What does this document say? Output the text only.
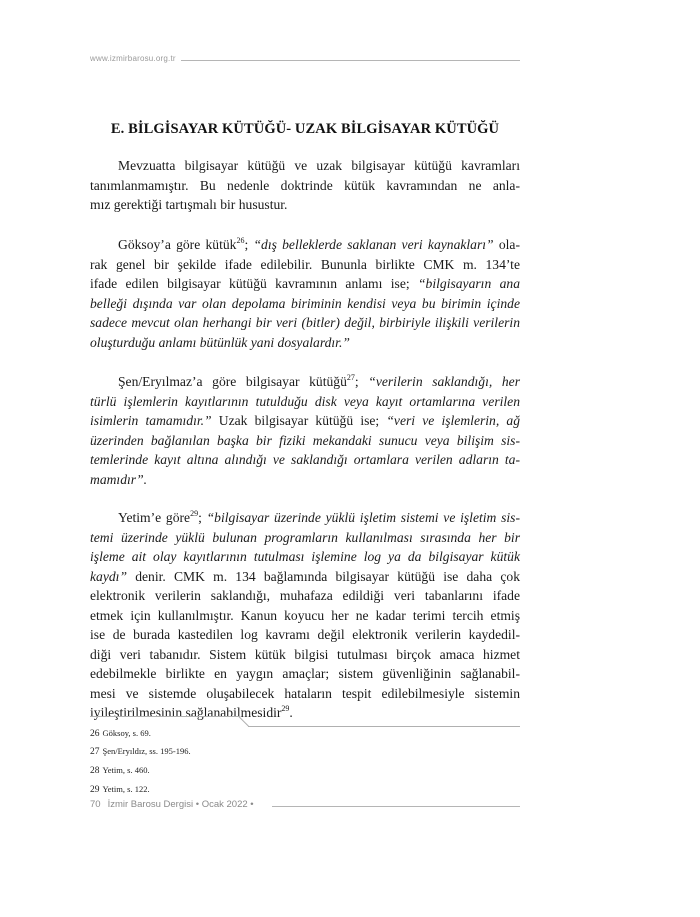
www.izmirbarosu.org.tr
E. BİLGİSAYAR KÜTÜĞÜ- UZAK BİLGİSAYAR KÜTÜĞÜ
Mevzuatta bilgisayar kütüğü ve uzak bilgisayar kütüğü kavramları
tanımlanmamıştır. Bu nedenle doktrinde kütük kavramından ne anla-
mız gerektiği tartışmalı bir husustur.
Göksoy’a göre kütük$^{26}$; “dış belleklerde saklanan veri kaynakları” ola-
rak genel bir şekilde ifade edilebilir. Bununla birlikte CMK m. 134’te
ifade edilen bilgisayar kütüğü kavramının anlamı ise; “bilgisayarın ana
belleği dışında var olan depolama biriminin kendisi veya bu birimin içinde
sadece mevcut olan herhangi bir veri (bitler) değil, birbiriyle ilişkili verilerin
oluşturduğu anlamı bütünlük yani dosyalardır.”
Şen/Eryılmaz’a göre bilgisayar kütüğü$^{27}$; “verilerin saklandığı, her
türlü işlemlerin kayıtlarının tutulduğu disk veya kayıt ortamlarına verilen
isimlerin tamamıdır.” Uzak bilgisayar kütüğü ise; “veri ve işlemlerin, ağ
üzerinden bağlanılan başka bir fiziki mekandaki sunucu veya bilişim sis-
temlerinde kayıt altına alındığı ve saklandığı ortamlara verilen adların ta-
mamıdır”.
Yetim’e göre$^{29}$; “bilgisayar üzerinde yüklü işletim sistemi ve işletim sis-
temi üzerinde yüklü bulunan programların kullanılması sırasında her bir
işleme ait olay kayıtlarının tutulması işlemine log ya da bilgisayar kütük
kaydı” denir. CMK m. 134 bağlamında bilgisayar kütüğü ise daha çok
elektronik verilerin saklandığı, muhafaza edildiği veri tabanlarını ifade
etmek için kullanılmıştır. Kanun koyucu her ne kadar terimi tercih etmiş
ise de burada kastedilen log kavramı değil elektronik verilerin kaydedil-
diği veri tabanıdır. Sistem kütük bilgisi tutulması birçok amaca hizmet
edebilmekle birlikte en yaygın amaçlar; sistem güvenliğinin sağlanabil-
mesi ve sistemde oluşabilecek hataların tespit edilebilmesiyle sistemin
iyileştirilmesinin sağlanabilmesidir$^{29}$.
26 Göksoy, s. 69.
27 Şen/Eryıldız, ss. 195-196.
28 Yetim, s. 460.
29 Yetim, s. 122.
70 İzmir Barosu Dergisi • Ocak 2022 •
